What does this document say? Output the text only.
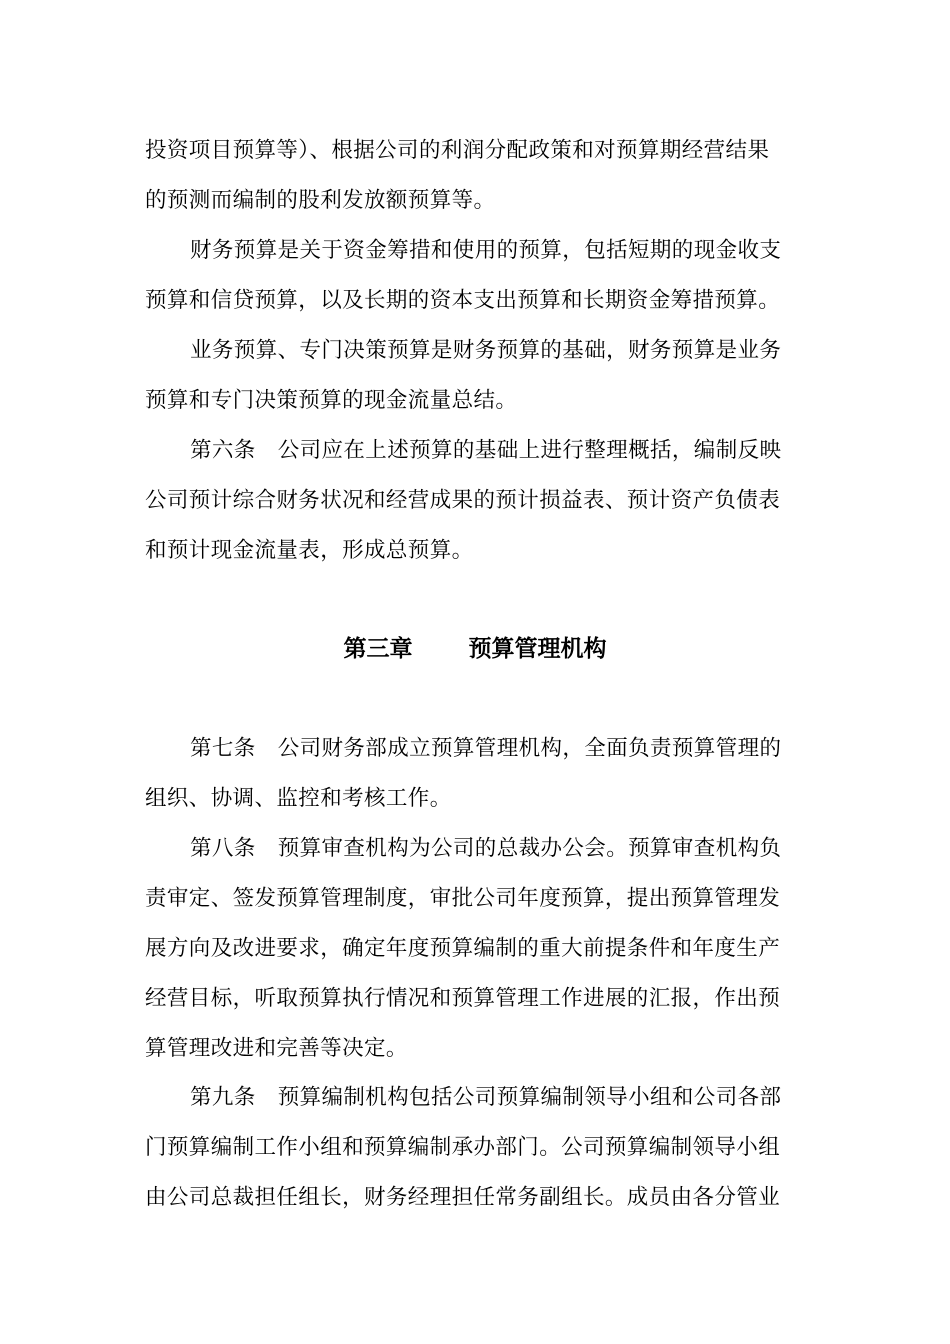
投资项目预算等）、根据公司的利润分配政策和对预算期经营结果
的预测而编制的股利发放额预算等。
财务预算是关于资金筹措和使用的预算，包括短期的现金收支
预算和信贷预算，以及长期的资本支出预算和长期资金筹措预算。
业务预算、专门决策预算是财务预算的基础，财务预算是业务
预算和专门决策预算的现金流量总结。
第六条 公司应在上述预算的基础上进行整理概括，编制反映
公司预计综合财务状况和经营成果的预计损益表、预计资产负债表
和预计现金流量表，形成总预算。
第三章 预算管理机构
第七条 公司财务部成立预算管理机构，全面负责预算管理的
组织、协调、监控和考核工作。
第八条 预算审查机构为公司的总裁办公会。预算审查机构负
责审定、签发预算管理制度，审批公司年度预算，提出预算管理发
展方向及改进要求，确定年度预算编制的重大前提条件和年度生产
经营目标，听取预算执行情况和预算管理工作进展的汇报，作出预
算管理改进和完善等决定。
第九条 预算编制机构包括公司预算编制领导小组和公司各部
门预算编制工作小组和预算编制承办部门。公司预算编制领导小组
由公司总裁担任组长，财务经理担任常务副组长。成员由各分管业
